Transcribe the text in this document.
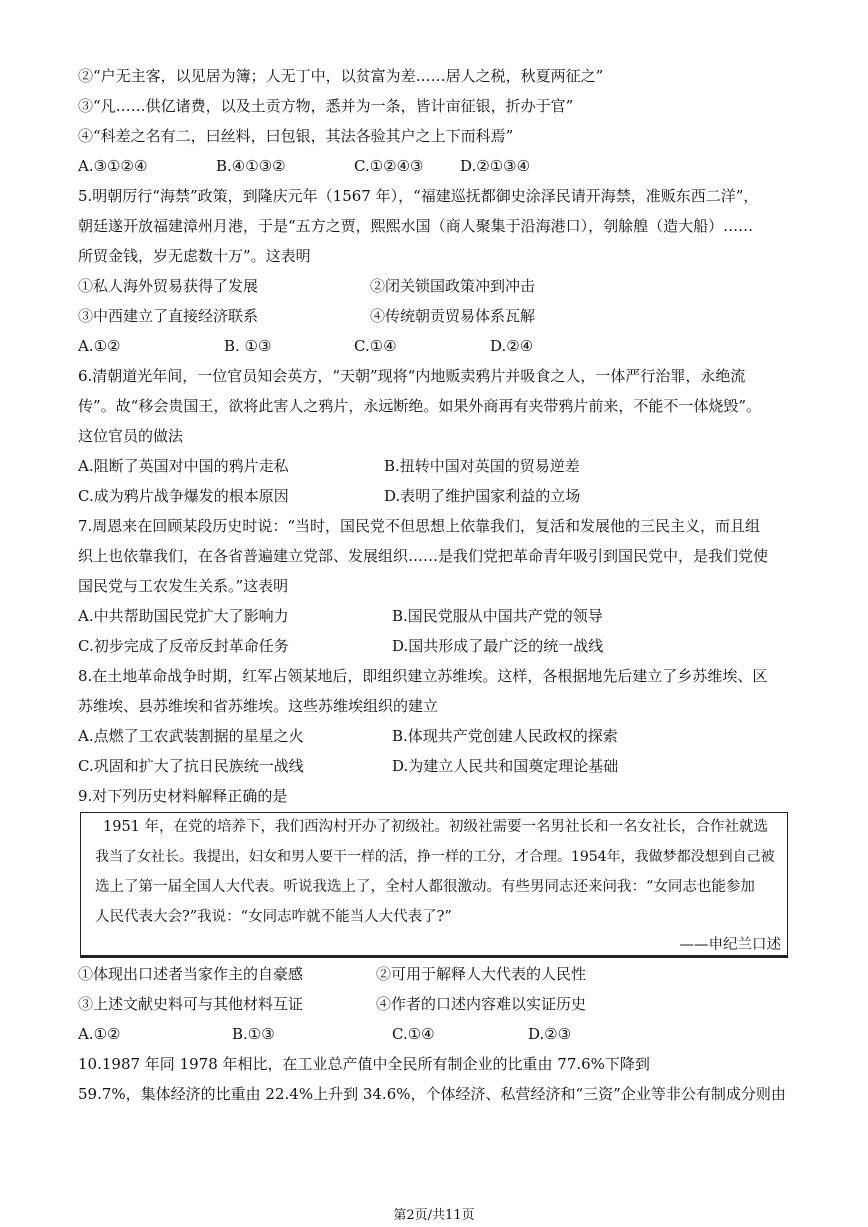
②“户无主客，以见居为簿；人无丁中，以贫富为差……居人之税，秋夏两征之”
③“凡……供亿诸费，以及土贡方物，悉并为一条，皆计亩征银，折办于官”
④“科差之名有二，曰丝料，曰包银，其法各验其户之上下而科焉”
A.③①②④	B.④①③②	C.①②④③ D.②①③④
5.明朝厉行“海禁”政策，到隆庆元年（1567 年），“福建巡抚都御史涂泽民请开海禁，准贩东西二洋”，
朝廷遂开放福建漳州月港，于是“五方之贾，熙熙水国（商人聚集于沿海港口），刳艅艎（造大船）……
所贸金钱，岁无虑数十万”。这表明
①私人海外贸易获得了发展	②闭关锁国政策冲到冲击
③中西建立了直接经济联系	④传统朝贡贸易体系瓦解
A.①②	B. ①③	C.①④	D.②④
6.清朝道光年间，一位官员知会英方，“天朝”现将“内地贩卖鸦片并吸食之人，一体严行治罪，永绝流
传”。故“移会贵国王，欲将此害人之鸦片，永远断绝。如果外商再有夹带鸦片前来，不能不一体烧毁”。
这位官员的做法
A.阻断了英国对中国的鸦片走私	B.扭转中国对英国的贸易逆差
C.成为鸦片战争爆发的根本原因	D.表明了维护国家利益的立场
7.周恩来在回顾某段历史时说：“当时，国民党不但思想上依靠我们，复活和发展他的三民主义，而且组
织上也依靠我们，在各省普遍建立党部、发展组织……是我们党把革命青年吸引到国民党中，是我们党使
国民党与工农发生关系。”这表明
A.中共帮助国民党扩大了影响力	B.国民党服从中国共产党的领导
C.初步完成了反帝反封革命任务	D.国共形成了最广泛的统一战线
8.在土地革命战争时期，红军占领某地后，即组织建立苏维埃。这样，各根据地先后建立了乡苏维埃、区
苏维埃、县苏维埃和省苏维埃。这些苏维埃组织的建立
A.点燃了工农武装割据的星星之火	B.体现共产党创建人民政权的探索
C.巩固和扩大了抗日民族统一战线	D.为建立人民共和国奠定理论基础
9.对下列历史材料解释正确的是
1951 年，在党的培养下，我们西沟村开办了初级社。初级社需要一名男社长和一名女社长，合作社就选
我当了女社长。我提出，妇女和男人要干一样的活，挣一样的工分，才合理。1954年，我做梦都没想到自己被
选上了第一届全国人大代表。听说我选上了，全村人都很激动。有些男同志还来问我：“女同志也能参加
人民代表大会?”我说：“女同志咋就不能当人大代表了?”
——申纪兰口述
①体现出口述者当家作主的自豪感	②可用于解释人大代表的人民性
③上述文献史料可与其他材料互证	④作者的口述内容难以实证历史
A.①②	B.①③	C.①④	D.②③
10.1987 年同 1978 年相比，在工业总产值中全民所有制企业的比重由 77.6%下降到
59.7%，集体经济的比重由 22.4%上升到 34.6%，个体经济、私营经济和“三资”企业等非公有制成分则由
第2页/共11页
